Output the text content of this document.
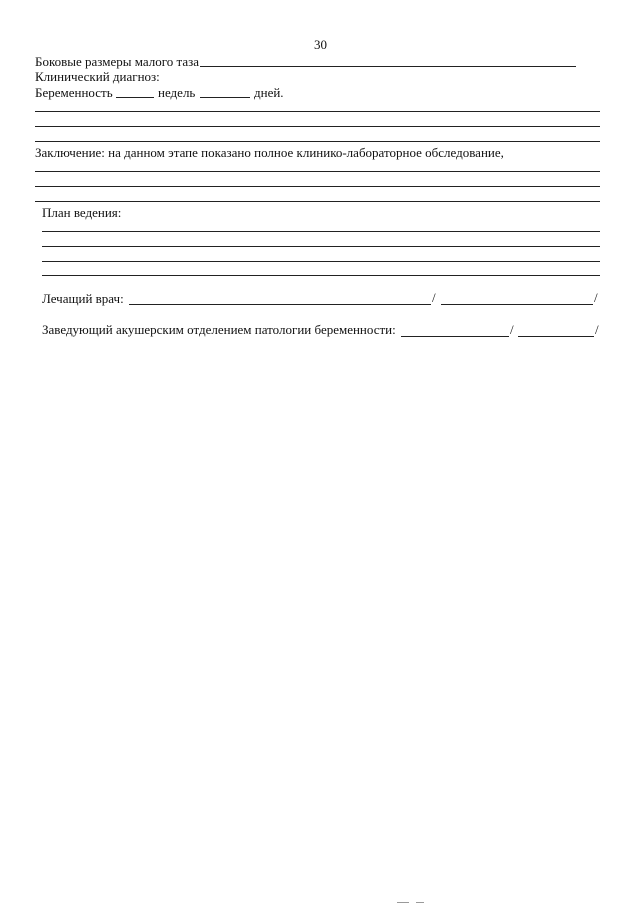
30
Боковые размеры малого таза
Клинический диагноз:
Беременность	недель	дней.
Заключение: на данном этапе показано полное клинико-лабораторное обследование,
План ведения:
Лечащий врач:	/	/
Заведующий акушерским отделением патологии беременности:	/	/
